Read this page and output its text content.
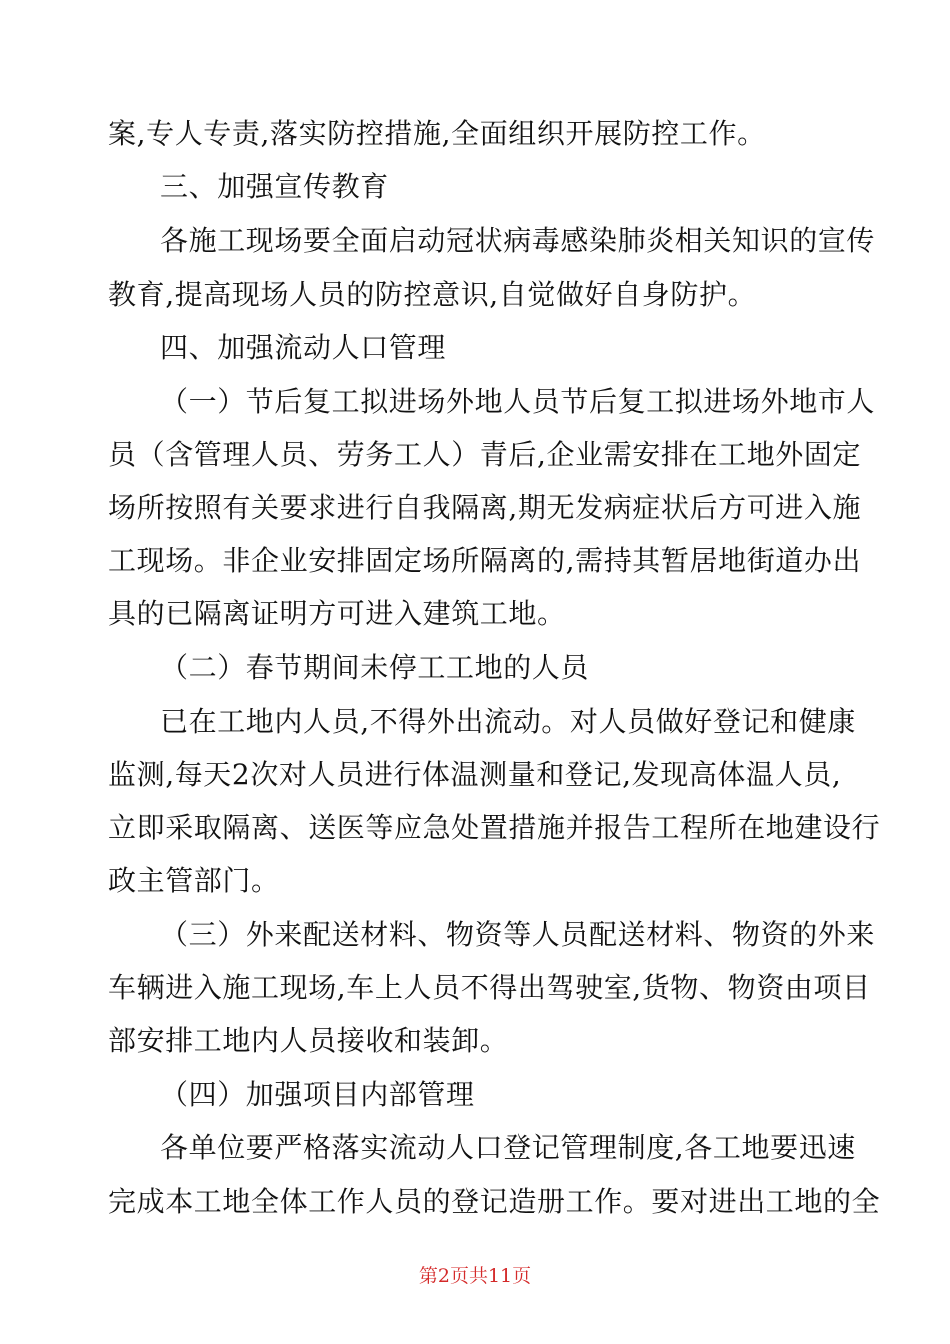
案,专人专责,落实防控措施,全面组织开展防控工作。
三、加强宣传教育
各施工现场要全面启动冠状病毒感染肺炎相关知识的宣传
教育,提高现场人员的防控意识,自觉做好自身防护。
四、加强流动人口管理
（一）节后复工拟进场外地人员节后复工拟进场外地市人
员（含管理人员、劳务工人）青后,企业需安排在工地外固定
场所按照有关要求进行自我隔离,期无发病症状后方可进入施
工现场。非企业安排固定场所隔离的,需持其暂居地街道办出
具的已隔离证明方可进入建筑工地。
（二）春节期间未停工工地的人员
已在工地内人员,不得外出流动。对人员做好登记和健康
监测,每天2次对人员进行体温测量和登记,发现高体温人员,
立即采取隔离、送医等应急处置措施并报告工程所在地建设行
政主管部门。
（三）外来配送材料、物资等人员配送材料、物资的外来
车辆进入施工现场,车上人员不得出驾驶室,货物、物资由项目
部安排工地内人员接收和装卸。
（四）加强项目内部管理
各单位要严格落实流动人口登记管理制度,各工地要迅速
完成本工地全体工作人员的登记造册工作。要对进出工地的全
第2页共11页
